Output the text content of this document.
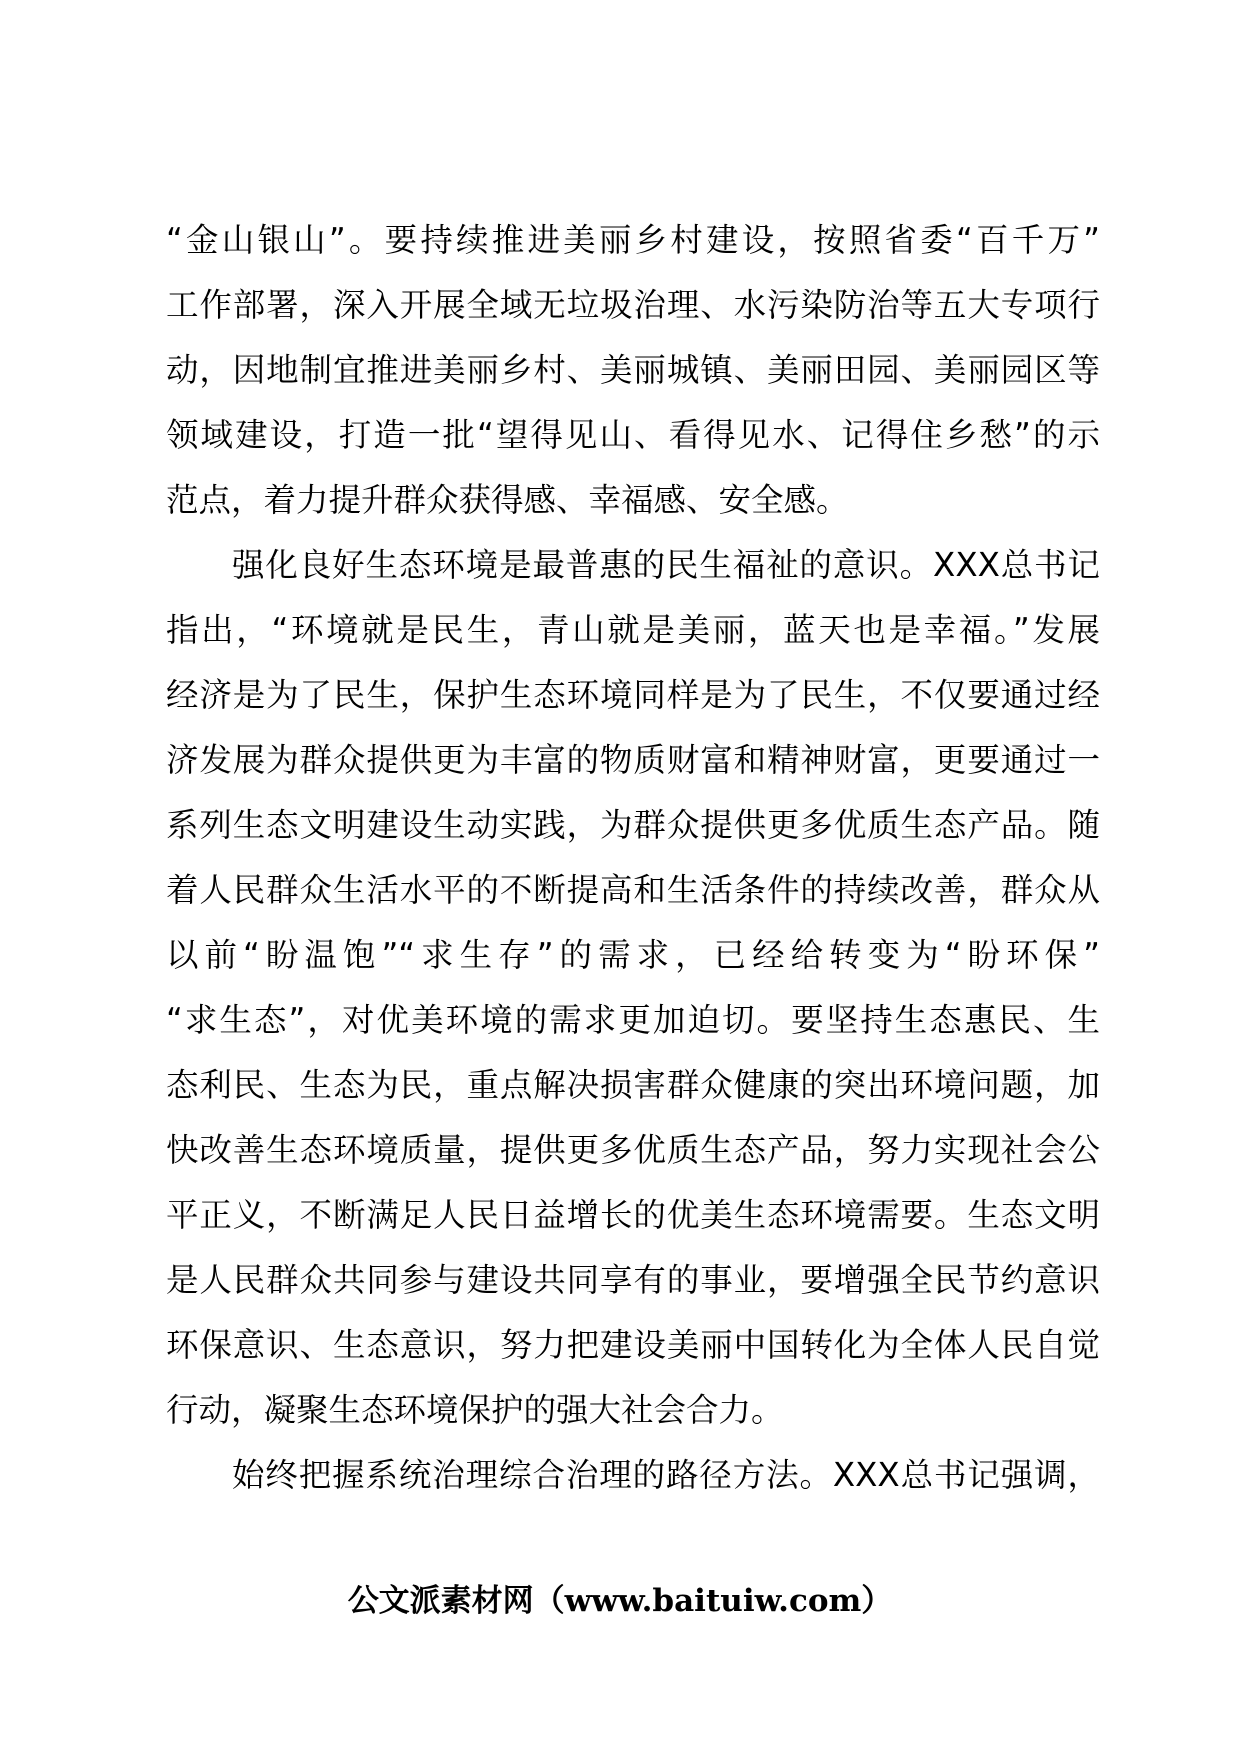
“金山银山”。要持续推进美丽乡村建设，按照省委“百千万”
工作部署，深入开展全域无垃圾治理、水污染防治等五大专项行
动，因地制宜推进美丽乡村、美丽城镇、美丽田园、美丽园区等
领域建设，打造一批“望得见山、看得见水、记得住乡愁”的示
范点，着力提升群众获得感、幸福感、安全感。
强化良好生态环境是最普惠的民生福祉的意识。XXX总书记
指出，“环境就是民生，青山就是美丽，蓝天也是幸福。”发展
经济是为了民生，保护生态环境同样是为了民生，不仅要通过经
济发展为群众提供更为丰富的物质财富和精神财富，更要通过一
系列生态文明建设生动实践，为群众提供更多优质生态产品。随
着人民群众生活水平的不断提高和生活条件的持续改善，群众从
以前“盼温饱”“求生存”的需求，已经给转变为“盼环保”
“求生态”，对优美环境的需求更加迫切。要坚持生态惠民、生
态利民、生态为民，重点解决损害群众健康的突出环境问题，加
快改善生态环境质量，提供更多优质生态产品，努力实现社会公
平正义，不断满足人民日益增长的优美生态环境需要。生态文明
是人民群众共同参与建设共同享有的事业，要增强全民节约意识
环保意识、生态意识，努力把建设美丽中国转化为全体人民自觉
行动，凝聚生态环境保护的强大社会合力。
始终把握系统治理综合治理的路径方法。XXX总书记强调，
公文派素材网（www.baituiw.com）
